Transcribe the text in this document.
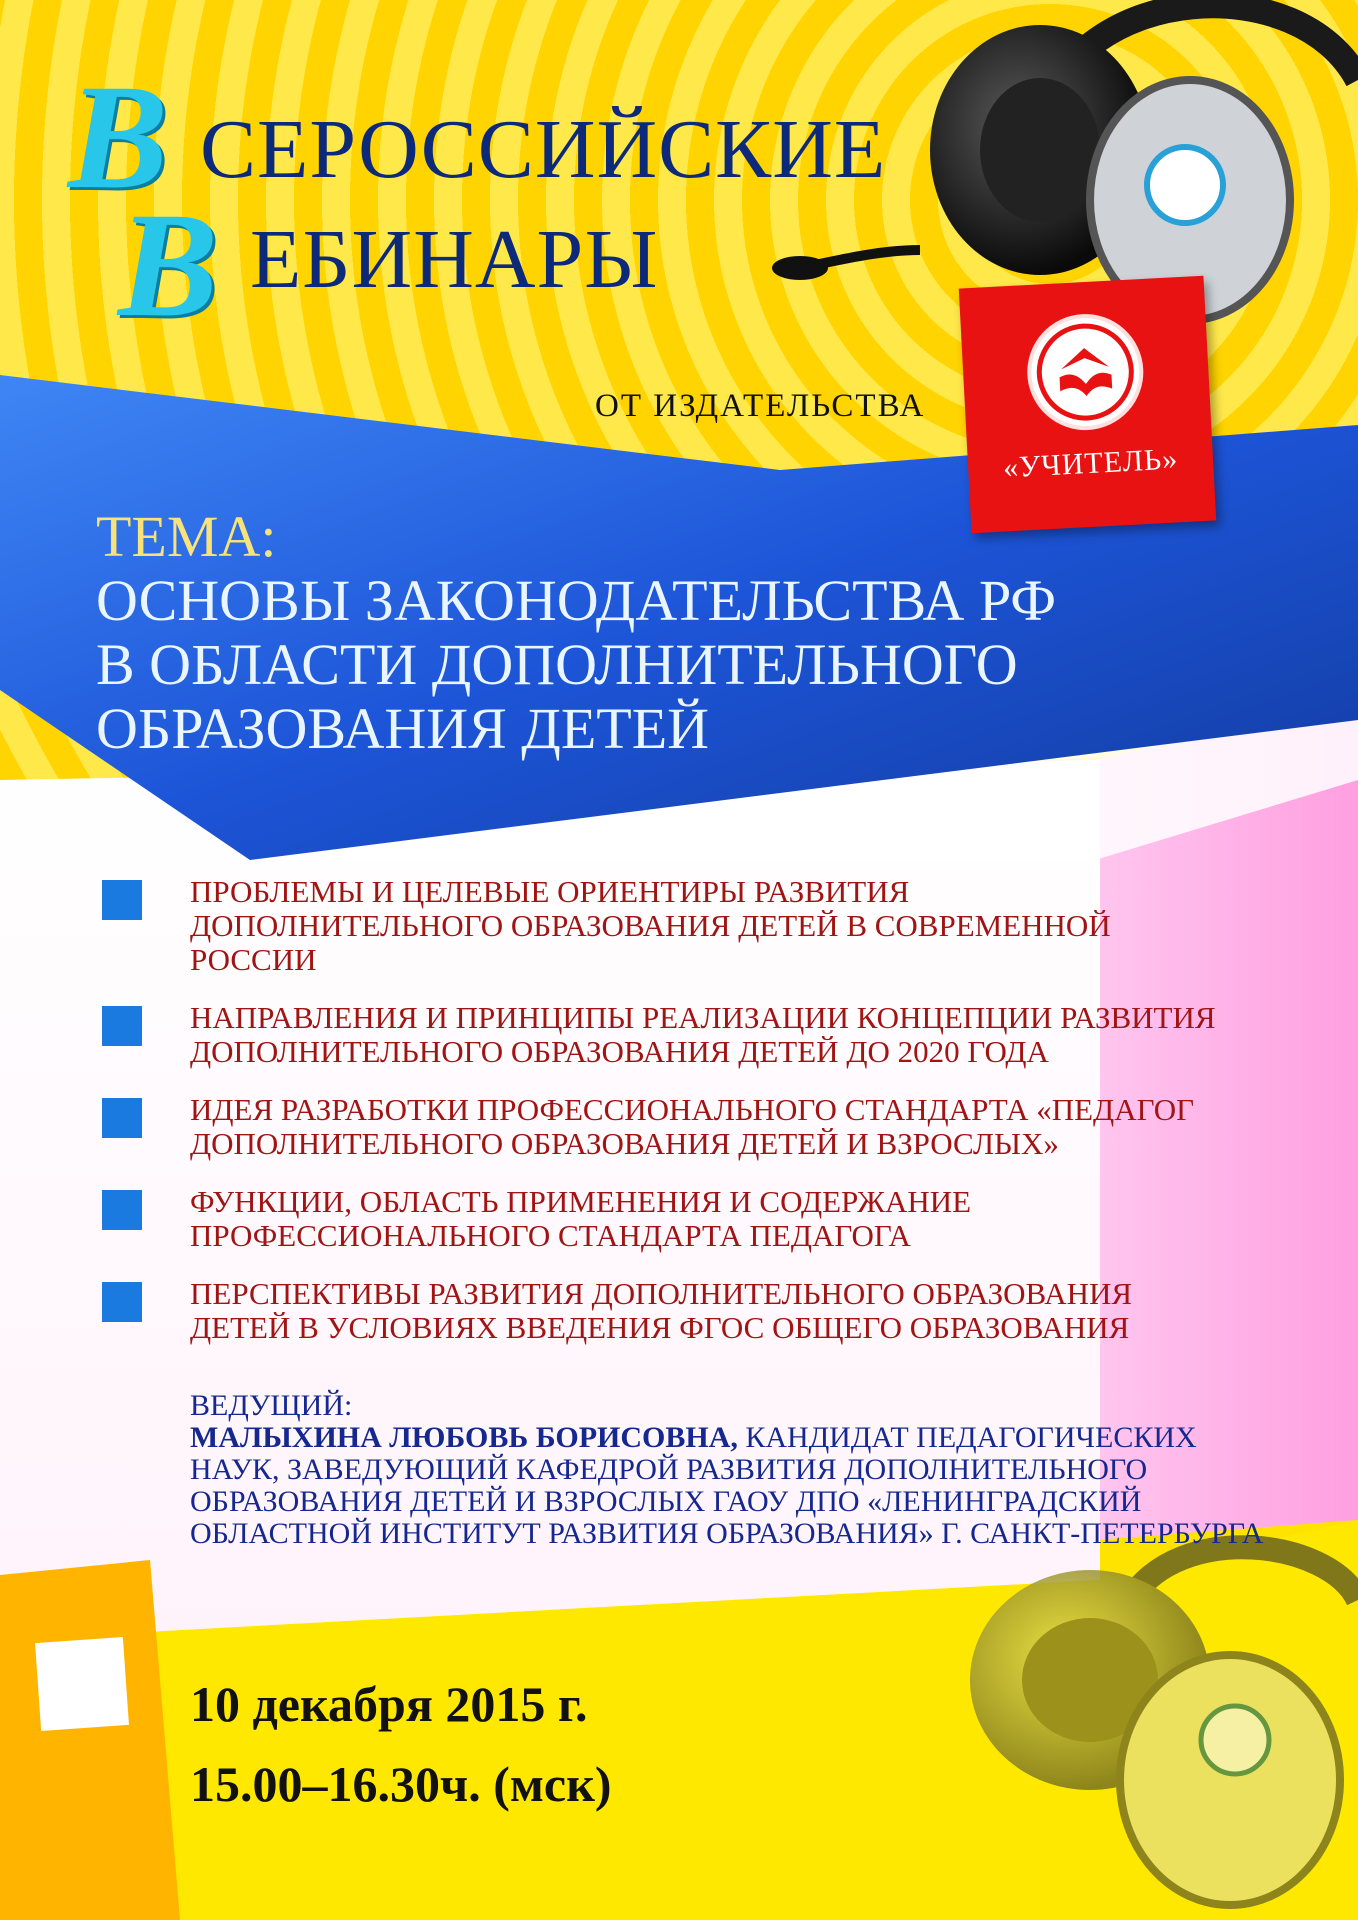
В СЕРОССИЙСКИЕ
В ЕБИНАРЫ
ОТ ИЗДАТЕЛЬСТВА
«УЧИТЕЛЬ»
ТЕМА:
ОСНОВЫ ЗАКОНОДАТЕЛЬСТВА РФ
В ОБЛАСТИ ДОПОЛНИТЕЛЬНОГО
ОБРАЗОВАНИЯ ДЕТЕЙ
ПРОБЛЕМЫ И ЦЕЛЕВЫЕ ОРИЕНТИРЫ РАЗВИТИЯ ДОПОЛНИТЕЛЬНОГО ОБРАЗОВАНИЯ ДЕТЕЙ В СОВРЕМЕННОЙ РОССИИ
НАПРАВЛЕНИЯ И ПРИНЦИПЫ РЕАЛИЗАЦИИ КОНЦЕПЦИИ РАЗВИТИЯ ДОПОЛНИТЕЛЬНОГО ОБРАЗОВАНИЯ ДЕТЕЙ ДО 2020 ГОДА
ИДЕЯ РАЗРАБОТКИ ПРОФЕССИОНАЛЬНОГО СТАНДАРТА «ПЕДАГОГ ДОПОЛНИТЕЛЬНОГО ОБРАЗОВАНИЯ ДЕТЕЙ И ВЗРОСЛЫХ»
ФУНКЦИИ, ОБЛАСТЬ ПРИМЕНЕНИЯ И СОДЕРЖАНИЕ ПРОФЕССИОНАЛЬНОГО СТАНДАРТА ПЕДАГОГА
ПЕРСПЕКТИВЫ РАЗВИТИЯ ДОПОЛНИТЕЛЬНОГО ОБРАЗОВАНИЯ ДЕТЕЙ В УСЛОВИЯХ ВВЕДЕНИЯ ФГОС ОБЩЕГО ОБРАЗОВАНИЯ
ВЕДУЩИЙ:
МАЛЫХИНА ЛЮБОВЬ БОРИСОВНА, КАНДИДАТ ПЕДАГОГИЧЕСКИХ НАУК, ЗАВЕДУЮЩИЙ КАФЕДРОЙ РАЗВИТИЯ ДОПОЛНИТЕЛЬНОГО ОБРАЗОВАНИЯ ДЕТЕЙ И ВЗРОСЛЫХ ГАОУ ДПО «ЛЕНИНГРАДСКИЙ ОБЛАСТНОЙ ИНСТИТУТ РАЗВИТИЯ ОБРАЗОВАНИЯ» Г. САНКТ-ПЕТЕРБУРГА
10 декабря 2015 г.
15.00–16.30ч. (мск)
